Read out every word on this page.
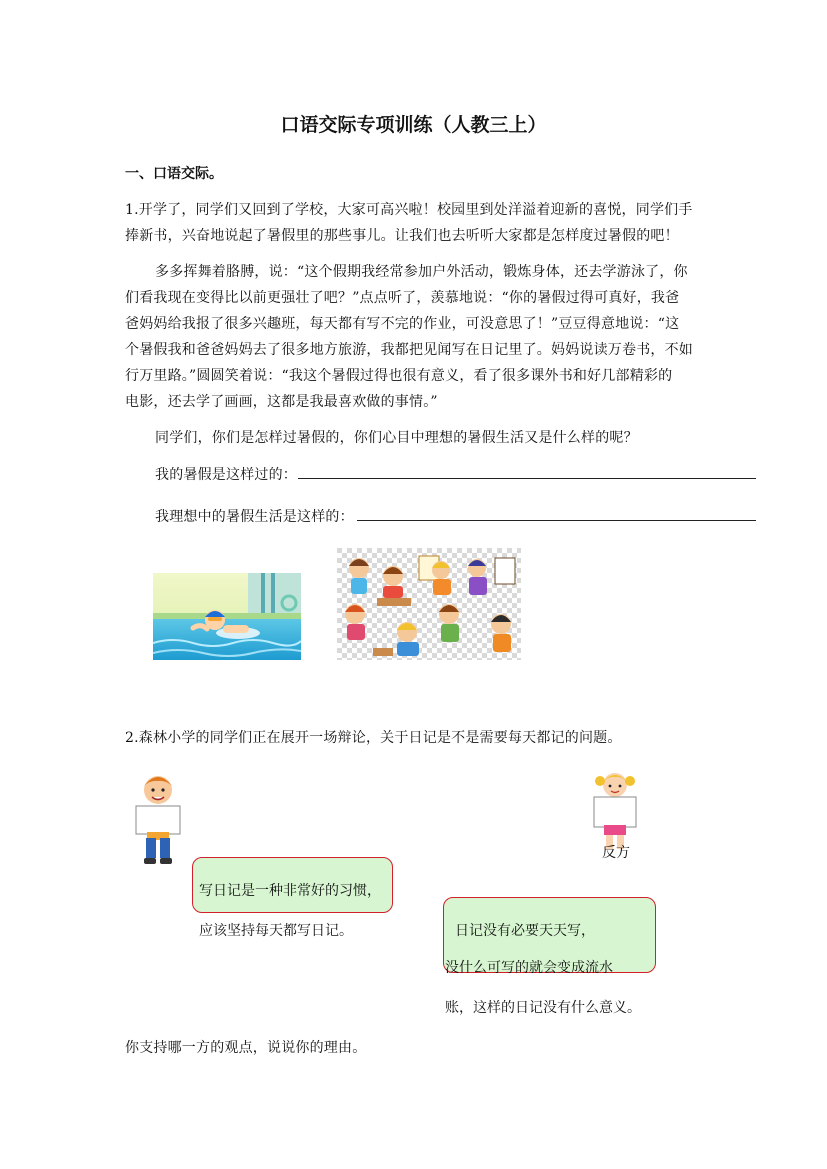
口语交际专项训练（人教三上）
一、口语交际。
1.开学了，同学们又回到了学校，大家可高兴啦！校园里到处洋溢着迎新的喜悦，同学们手
捧新书，兴奋地说起了暑假里的那些事儿。让我们也去听听大家都是怎样度过暑假的吧！
多多挥舞着胳膊，说：“这个假期我经常参加户外活动，锻炼身体，还去学游泳了，你
们看我现在变得比以前更强壮了吧？”点点听了，羡慕地说：“你的暑假过得可真好，我爸
爸妈妈给我报了很多兴趣班，每天都有写不完的作业，可没意思了！”豆豆得意地说：“这
个暑假我和爸爸妈妈去了很多地方旅游，我都把见闻写在日记里了。妈妈说读万卷书，不如
行万里路。”圆圆笑着说：“我这个暑假过得也很有意义，看了很多课外书和好几部精彩的
电影，还去学了画画，这都是我最喜欢做的事情。”
同学们，你们是怎样过暑假的，你们心目中理想的暑假生活又是什么样的呢？
我的暑假是这样过的：
我理想中的暑假生活是这样的：
2.森林小学的同学们正在展开一场辩论，关于日记是不是需要每天都记的问题。
反方
写日记是一种非常好的习惯，
应该坚持每天都写日记。	日记没有必要天天写，
没什么可写的就会变成流水
账，这样的日记没有什么意义。
你支持哪一方的观点，说说你的理由。
